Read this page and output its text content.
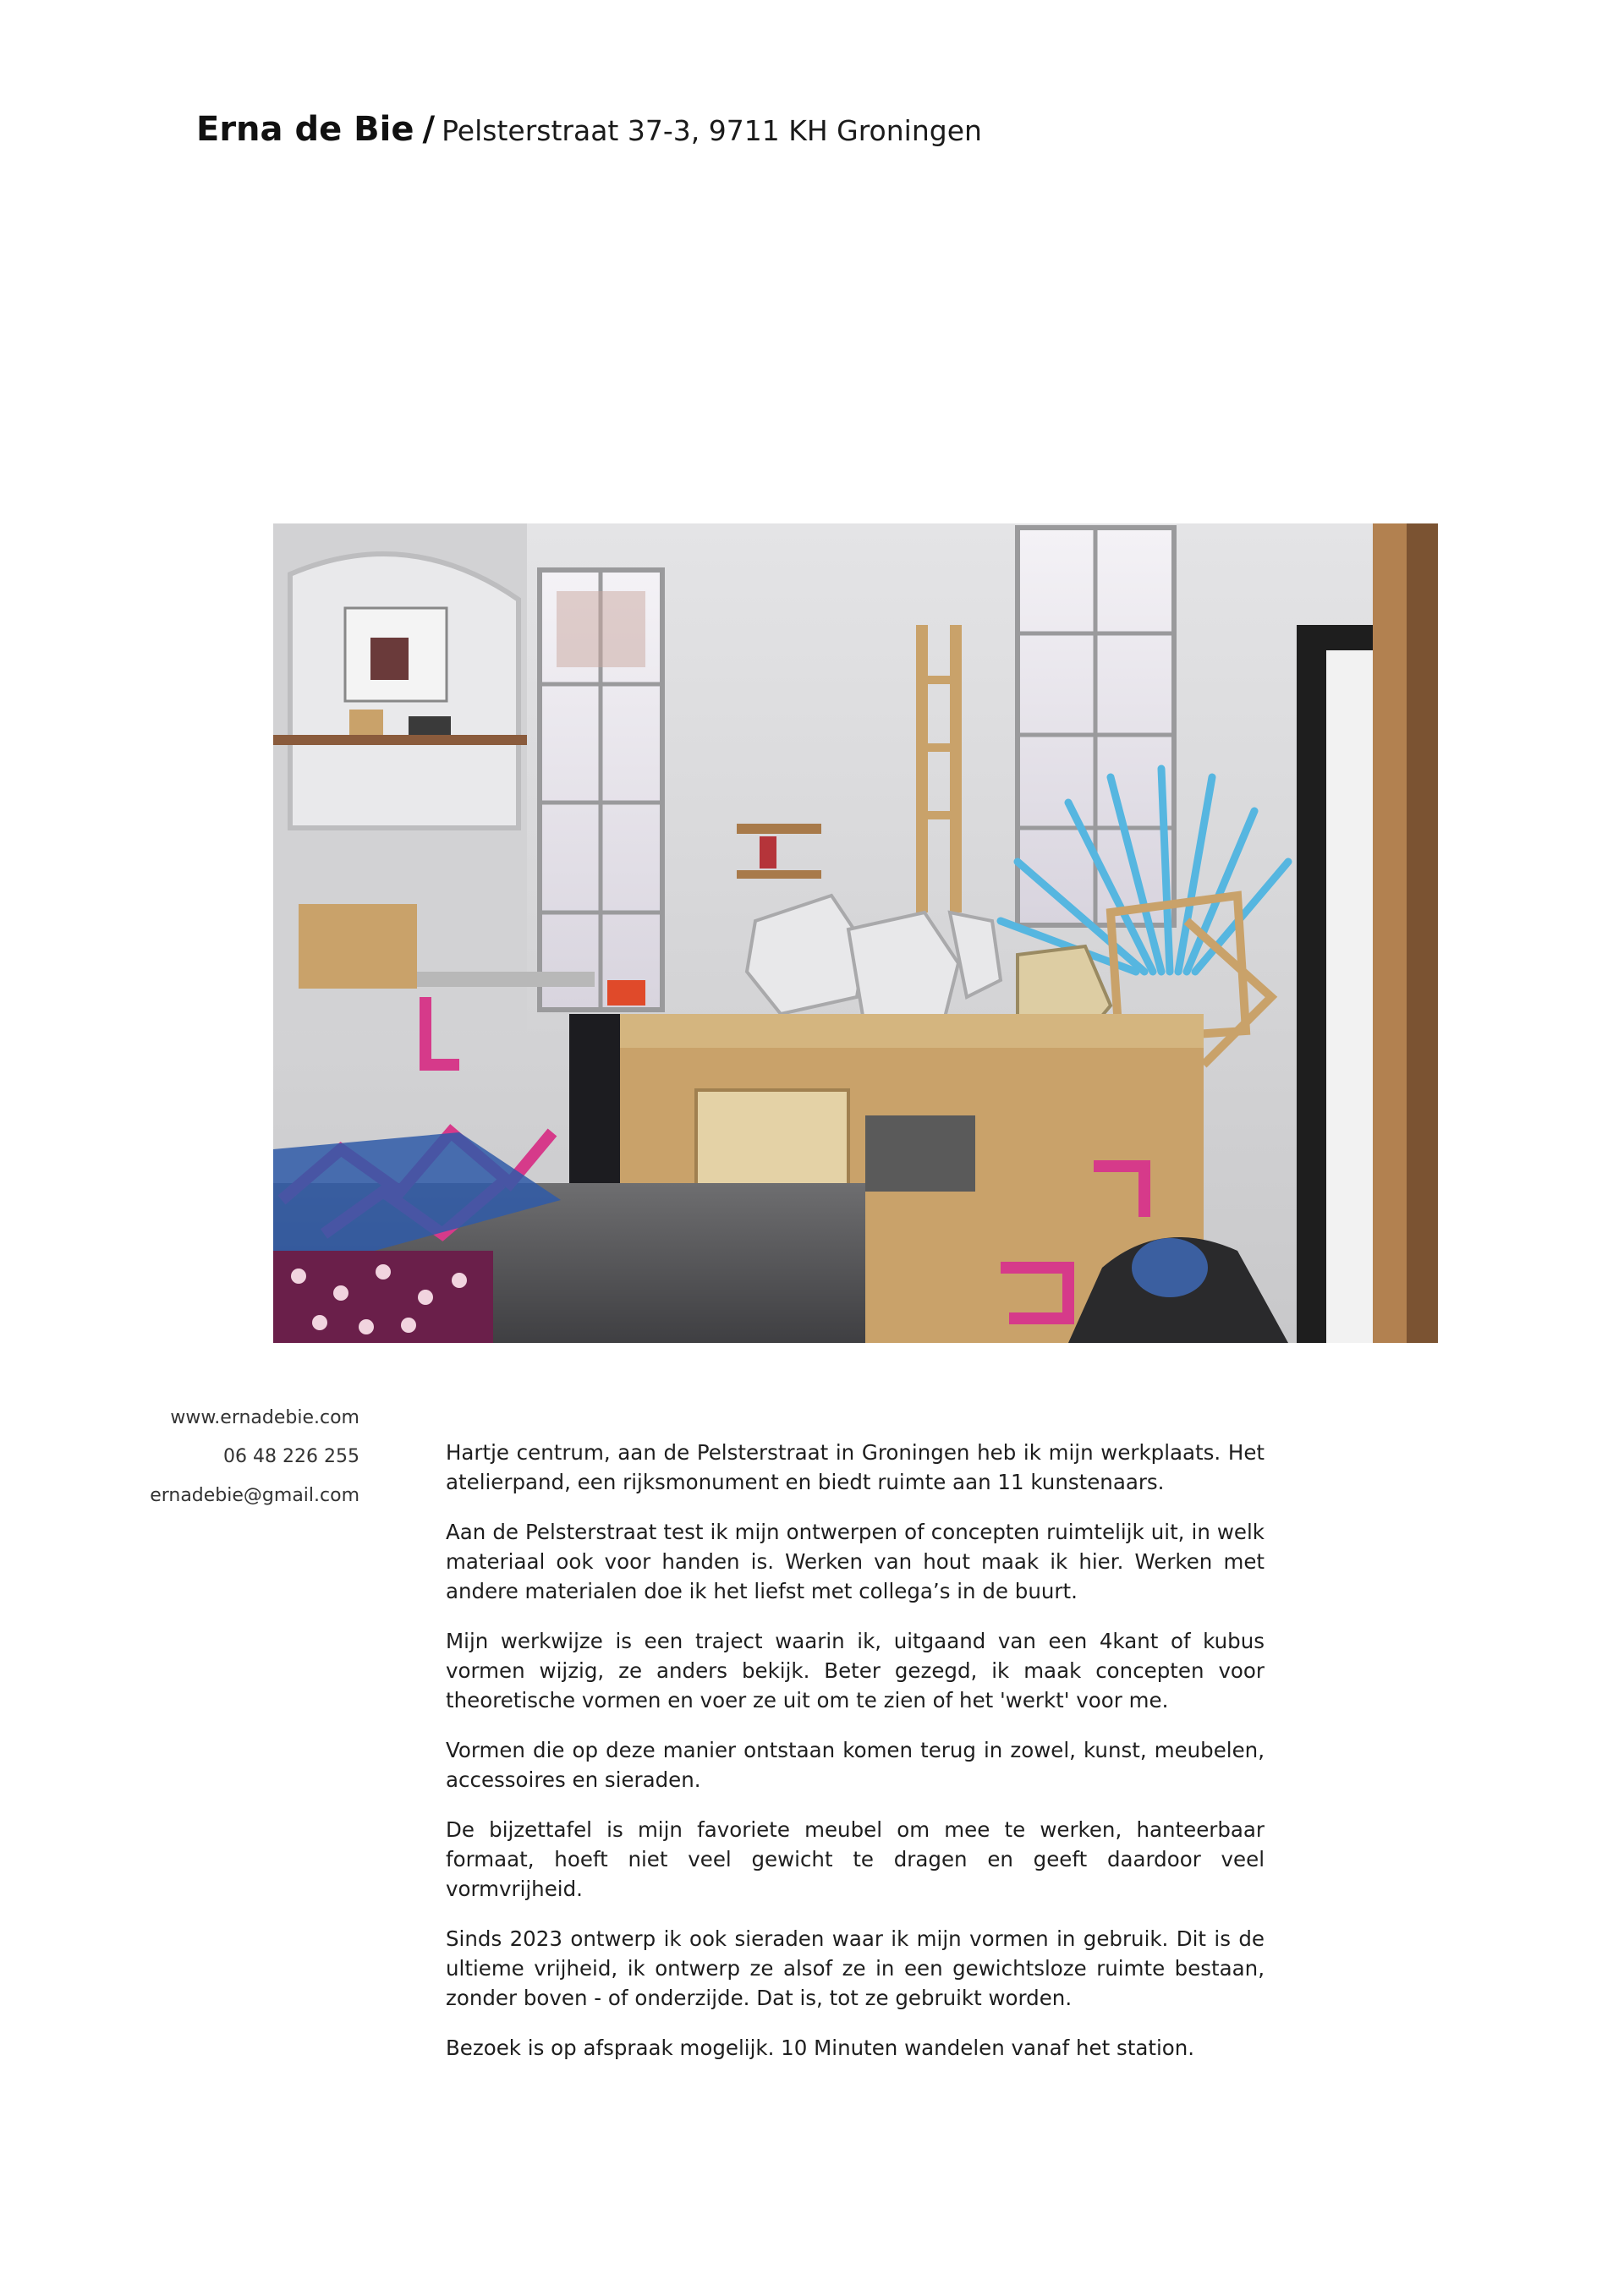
Erna de Bie / Pelsterstraat 37-3, 9711 KH Groningen
www.ernadebie.com
06 48 226 255
ernadebie@gmail.com

Hartje centrum, aan de Pelsterstraat in Groningen heb ik mijn werkplaats. Het atelierpand, een rijksmonument en biedt ruimte aan 11 kunstenaars.

Aan de Pelsterstraat test ik mijn ontwerpen of concepten ruimtelijk uit, in welk materiaal ook voor handen is. Werken van hout maak ik hier. Werken met andere materialen doe ik het liefst met collega’s in de buurt.

Mijn werkwijze is een traject waarin ik, uitgaand van een 4kant of kubus vormen wijzig, ze anders bekijk. Beter gezegd, ik maak concepten voor theoretische vormen en voer ze uit om te zien of het 'werkt' voor me.

Vormen die op deze manier ontstaan komen terug in zowel, kunst, meubelen, accessoires en sieraden.

De bijzettafel is mijn favoriete meubel om mee te werken, hanteerbaar formaat, hoeft niet veel gewicht te dragen en geeft daardoor veel vormvrijheid.

Sinds 2023 ontwerp ik ook sieraden waar ik mijn vormen in gebruik. Dit is de ultieme vrijheid, ik ontwerp ze alsof ze in een gewichtsloze ruimte bestaan, zonder boven - of onderzijde. Dat is, tot ze gebruikt worden.

Bezoek is op afspraak mogelijk. 10 Minuten wandelen vanaf het station.
